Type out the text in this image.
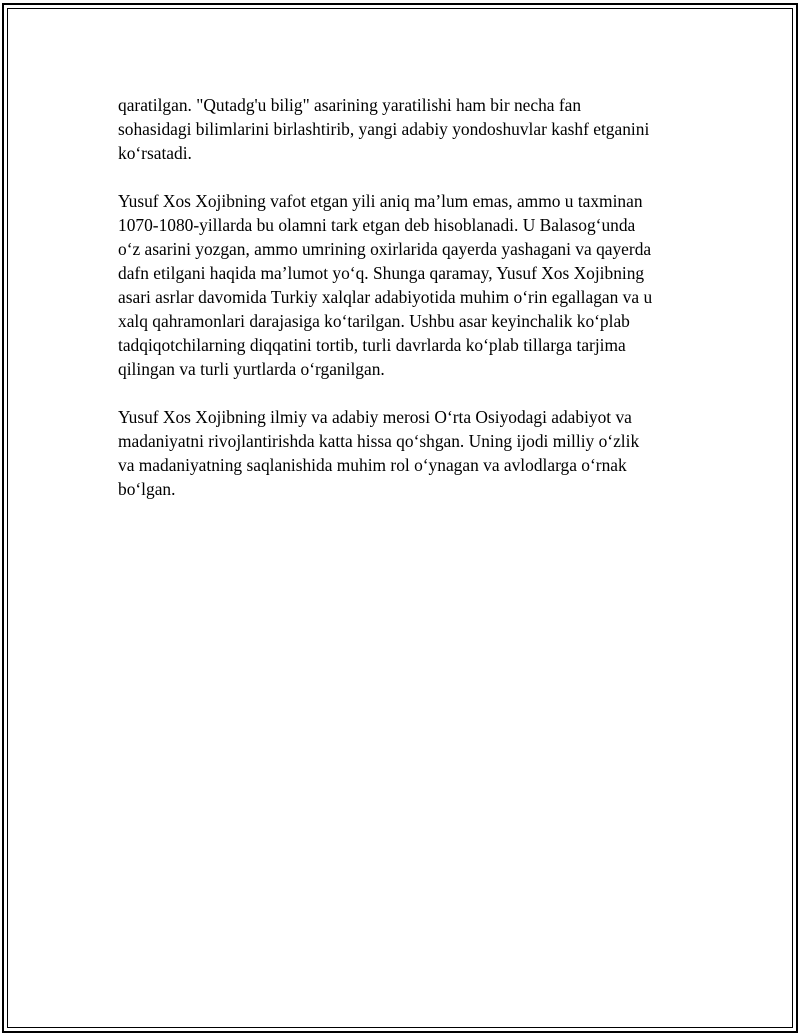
qaratilgan. "Qutadg'u bilig" asarining yaratilishi ham bir necha fan
sohasidagi bilimlarini birlashtirib, yangi adabiy yondoshuvlar kashf etganini
ko‘rsatadi.

Yusuf Xos Xojibning vafot etgan yili aniq ma’lum emas, ammo u taxminan
1070-1080-yillarda bu olamni tark etgan deb hisoblanadi. U Balasog‘unda
o‘z asarini yozgan, ammo umrining oxirlarida qayerda yashagani va qayerda
dafn etilgani haqida ma’lumot yo‘q. Shunga qaramay, Yusuf Xos Xojibning
asari asrlar davomida Turkiy xalqlar adabiyotida muhim o‘rin egallagan va u
xalq qahramonlari darajasiga ko‘tarilgan. Ushbu asar keyinchalik ko‘plab
tadqiqotchilarning diqqatini tortib, turli davrlarda ko‘plab tillarga tarjima
qilingan va turli yurtlarda o‘rganilgan.

Yusuf Xos Xojibning ilmiy va adabiy merosi O‘rta Osiyodagi adabiyot va
madaniyatni rivojlantirishda katta hissa qo‘shgan. Uning ijodi milliy o‘zlik
va madaniyatning saqlanishida muhim rol o‘ynagan va avlodlarga o‘rnak
bo‘lgan.
